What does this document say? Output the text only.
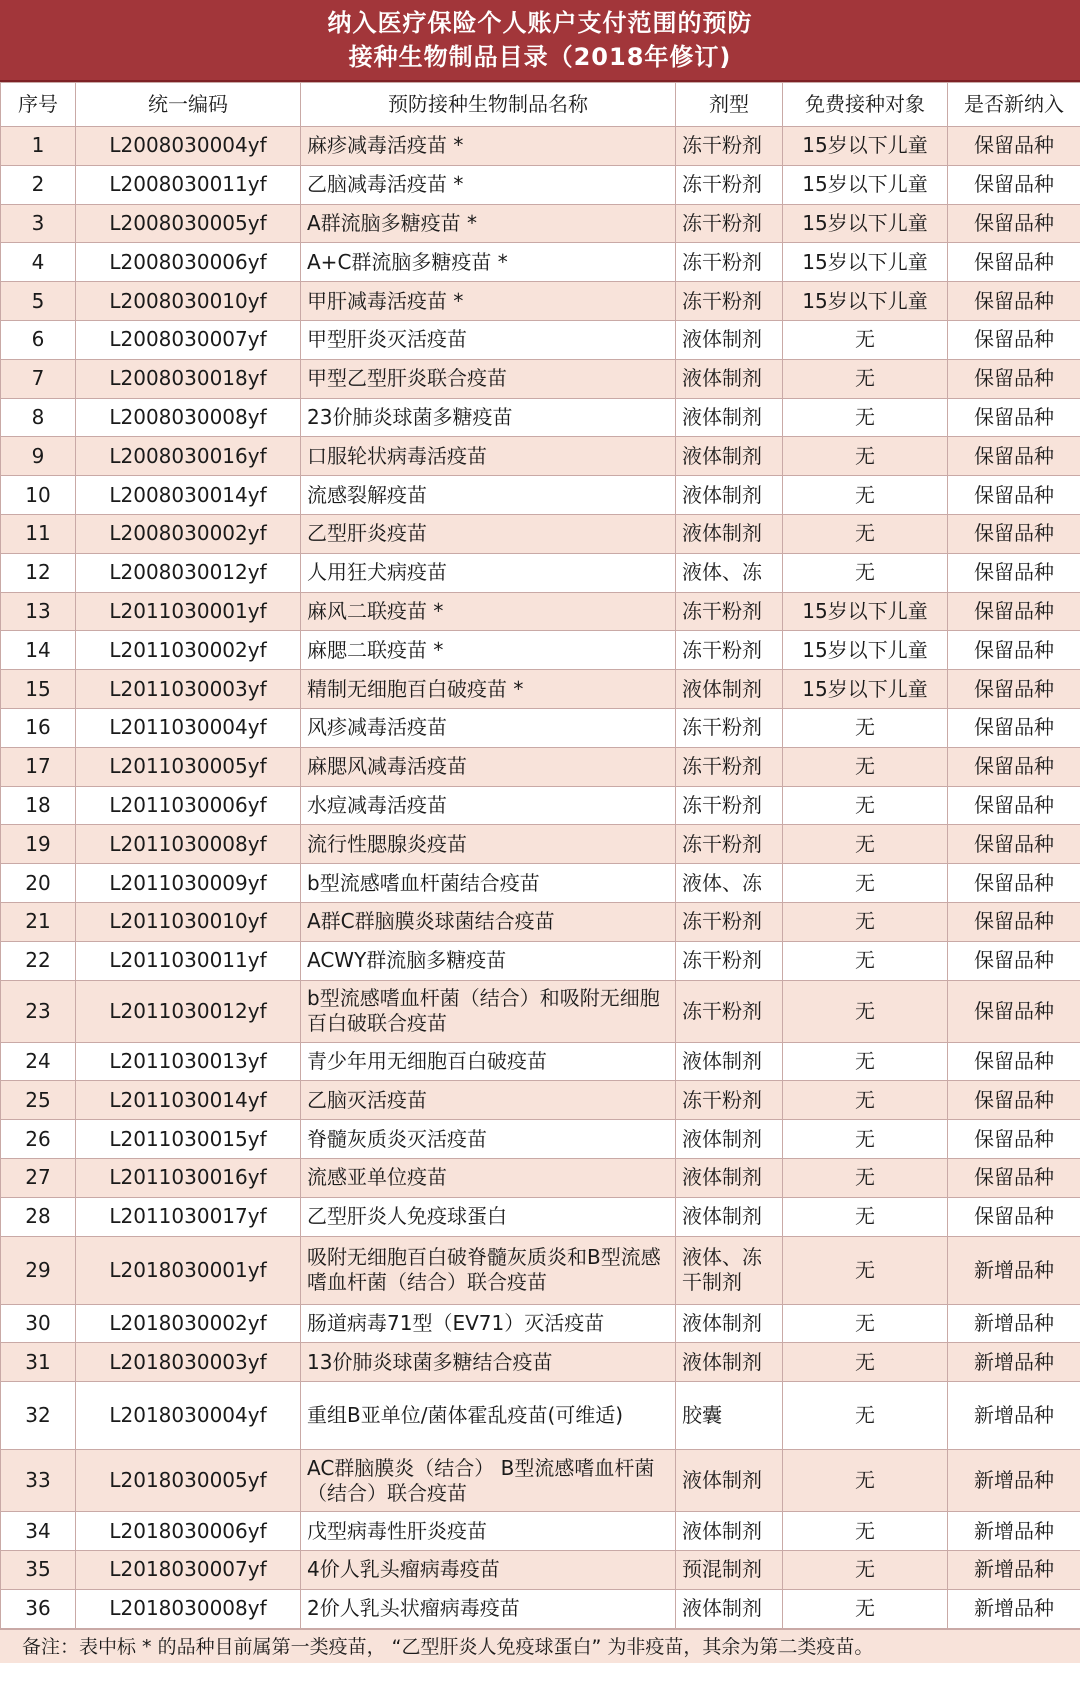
纳入医疗保险个人账户支付范围的预防
接种生物制品目录（2018年修订)
序号	统一编码	预防接种生物制品名称	剂型	免费接种对象	是否新纳入
1	L2008030004yf	麻疹减毒活疫苗 *	冻干粉剂	15岁以下儿童	保留品种
2	L2008030011yf	乙脑减毒活疫苗 *	冻干粉剂	15岁以下儿童	保留品种
3	L2008030005yf	A群流脑多糖疫苗 *	冻干粉剂	15岁以下儿童	保留品种
4	L2008030006yf	A+C群流脑多糖疫苗 *	冻干粉剂	15岁以下儿童	保留品种
5	L2008030010yf	甲肝减毒活疫苗 *	冻干粉剂	15岁以下儿童	保留品种
6	L2008030007yf	甲型肝炎灭活疫苗	液体制剂	无	保留品种
7	L2008030018yf	甲型乙型肝炎联合疫苗	液体制剂	无	保留品种
8	L2008030008yf	23价肺炎球菌多糖疫苗	液体制剂	无	保留品种
9	L2008030016yf	口服轮状病毒活疫苗	液体制剂	无	保留品种
10	L2008030014yf	流感裂解疫苗	液体制剂	无	保留品种
11	L2008030002yf	乙型肝炎疫苗	液体制剂	无	保留品种
12	L2008030012yf	人用狂犬病疫苗	液体、冻	无	保留品种
13	L2011030001yf	麻风二联疫苗 *	冻干粉剂	15岁以下儿童	保留品种
14	L2011030002yf	麻腮二联疫苗 *	冻干粉剂	15岁以下儿童	保留品种
15	L2011030003yf	精制无细胞百白破疫苗 *	液体制剂	15岁以下儿童	保留品种
16	L2011030004yf	风疹减毒活疫苗	冻干粉剂	无	保留品种
17	L2011030005yf	麻腮风减毒活疫苗	冻干粉剂	无	保留品种
18	L2011030006yf	水痘减毒活疫苗	冻干粉剂	无	保留品种
19	L2011030008yf	流行性腮腺炎疫苗	冻干粉剂	无	保留品种
20	L2011030009yf	b型流感嗜血杆菌结合疫苗	液体、冻	无	保留品种
21	L2011030010yf	A群C群脑膜炎球菌结合疫苗	冻干粉剂	无	保留品种
22	L2011030011yf	ACWY群流脑多糖疫苗	冻干粉剂	无	保留品种
23	L2011030012yf	b型流感嗜血杆菌（结合）和吸附无细胞百白破联合疫苗	冻干粉剂	无	保留品种
24	L2011030013yf	青少年用无细胞百白破疫苗	液体制剂	无	保留品种
25	L2011030014yf	乙脑灭活疫苗	冻干粉剂	无	保留品种
26	L2011030015yf	脊髓灰质炎灭活疫苗	液体制剂	无	保留品种
27	L2011030016yf	流感亚单位疫苗	液体制剂	无	保留品种
28	L2011030017yf	乙型肝炎人免疫球蛋白	液体制剂	无	保留品种
29	L2018030001yf	吸附无细胞百白破脊髓灰质炎和B型流感嗜血杆菌（结合）联合疫苗	液体、冻干制剂	无	新增品种
30	L2018030002yf	肠道病毒71型（EV71）灭活疫苗	液体制剂	无	新增品种
31	L2018030003yf	13价肺炎球菌多糖结合疫苗	液体制剂	无	新增品种
32	L2018030004yf	重组B亚单位/菌体霍乱疫苗(可维适)	胶囊	无	新增品种
33	L2018030005yf	AC群脑膜炎（结合） B型流感嗜血杆菌（结合）联合疫苗	液体制剂	无	新增品种
34	L2018030006yf	戊型病毒性肝炎疫苗	液体制剂	无	新增品种
35	L2018030007yf	4价人乳头瘤病毒疫苗	预混制剂	无	新增品种
36	L2018030008yf	2价人乳头状瘤病毒疫苗	液体制剂	无	新增品种
备注：表中标 * 的品种目前属第一类疫苗， “乙型肝炎人免疫球蛋白” 为非疫苗，其余为第二类疫苗。
